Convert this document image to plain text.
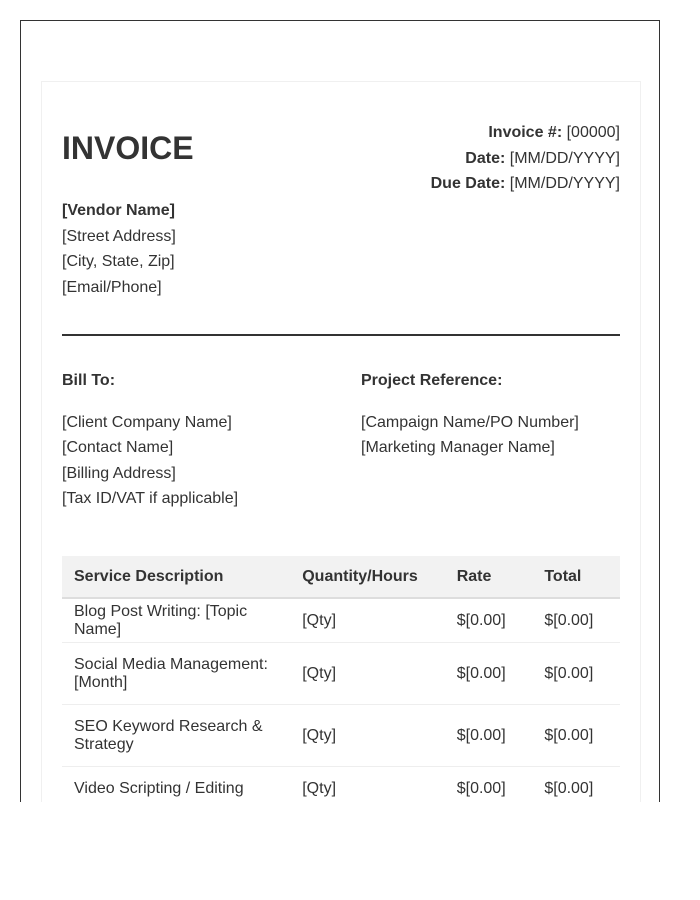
INVOICE	Invoice #: [00000]
Date: [MM/DD/YYYY]
Due Date: [MM/DD/YYYY]
[Vendor Name]
[Street Address]
[City, State, Zip]
[Email/Phone]
Bill To:
[Client Company Name]
[Contact Name]
[Billing Address]
[Tax ID/VAT if applicable]
Project Reference:
[Campaign Name/PO Number]
[Marketing Manager Name]
Service Description	Quantity/Hours	Rate	Total
Blog Post Writing: [Topic Name]	[Qty]	$[0.00]	$[0.00]
Social Media Management: [Month]	[Qty]	$[0.00]	$[0.00]
SEO Keyword Research & Strategy	[Qty]	$[0.00]	$[0.00]
Video Scripting / Editing	[Qty]	$[0.00]	$[0.00]
